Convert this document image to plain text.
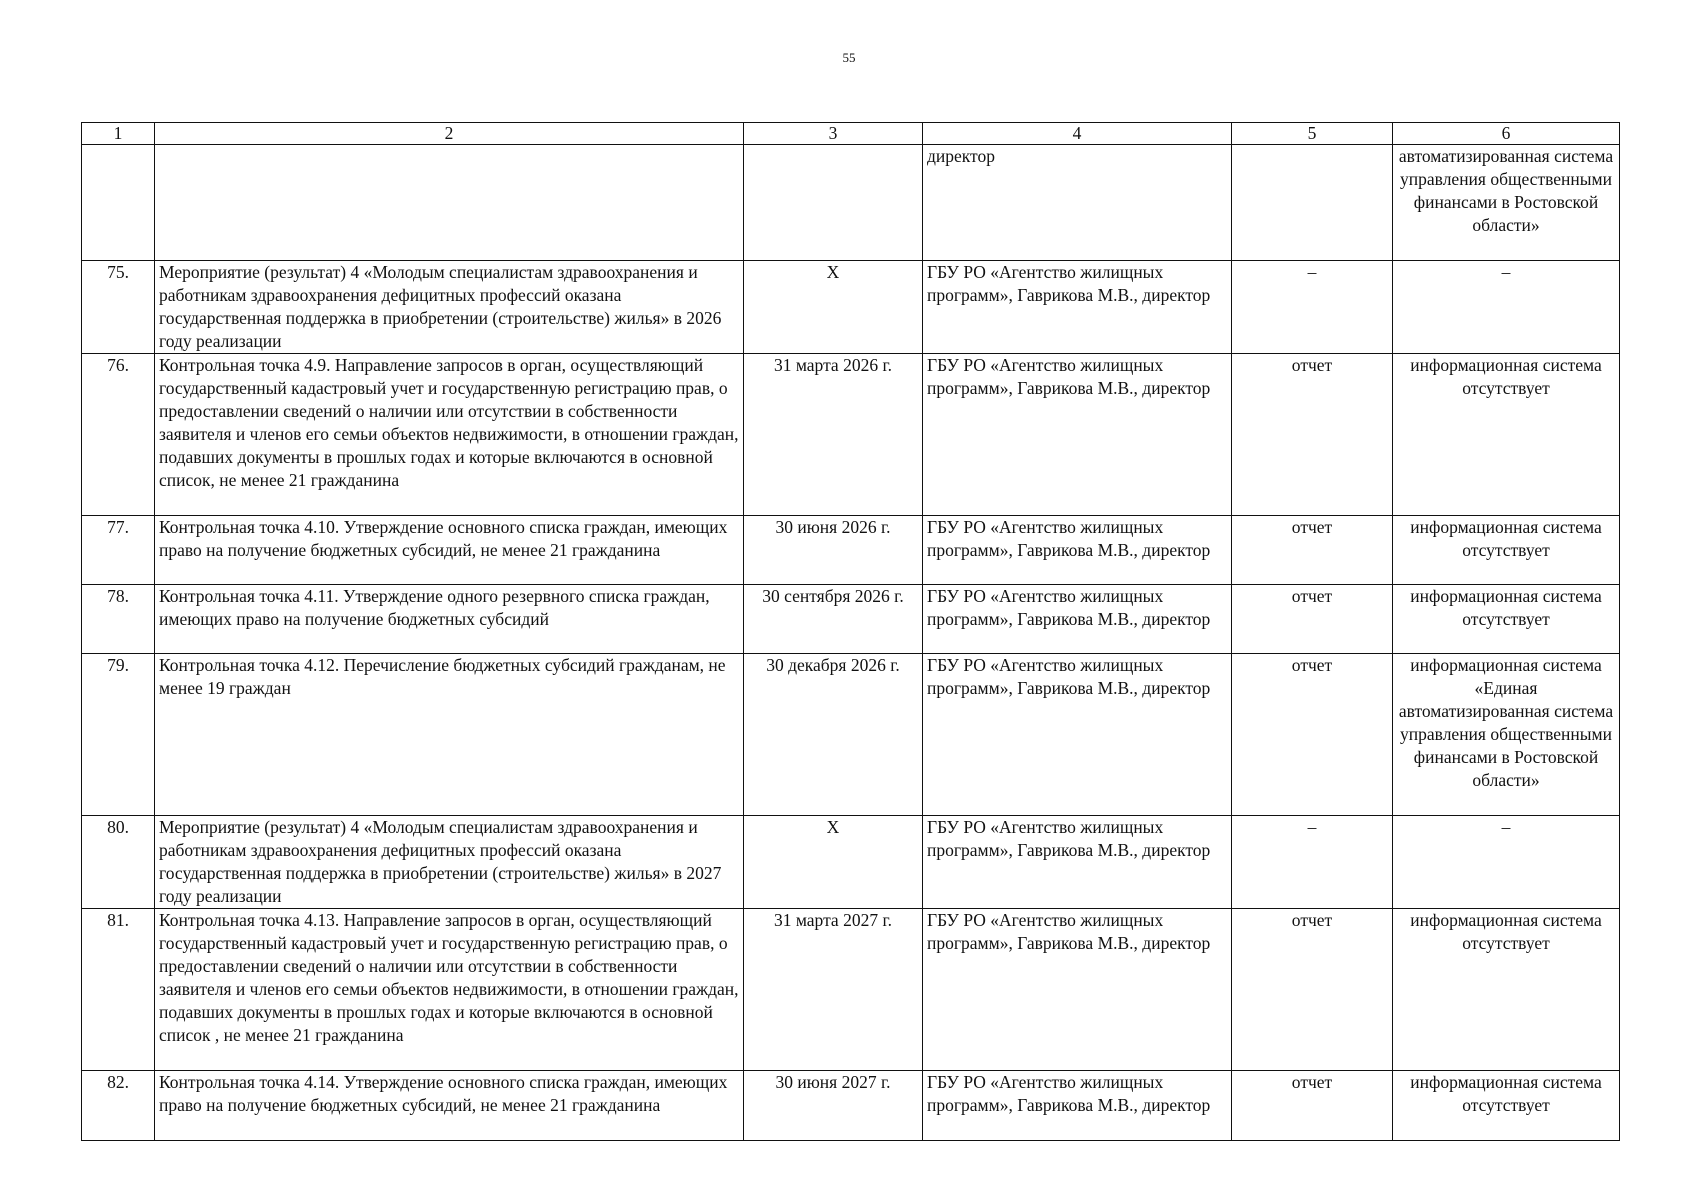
55
1	2	3	4	5	6
			директор		автоматизированная система управления общественными финансами в Ростовской области»
75.	Мероприятие (результат) 4 «Молодым специалистам здравоохранения и работникам здравоохранения дефицитных профессий оказана государственная поддержка в приобретении (строительстве) жилья» в 2026 году реализации	Х	ГБУ РО «Агентство жилищных программ», Гаврикова М.В., директор	–	–
76.	Контрольная точка 4.9. Направление запросов в орган, осуществляющий государственный кадастровый учет и государственную регистрацию прав, о предоставлении сведений о наличии или отсутствии в собственности заявителя и членов его семьи объектов недвижимости, в отношении граждан, подавших документы в прошлых годах и которые включаются в основной список, не менее 21 гражданина	31 марта 2026 г.	ГБУ РО «Агентство жилищных программ», Гаврикова М.В., директор	отчет	информационная система отсутствует
77.	Контрольная точка 4.10. Утверждение основного списка граждан, имеющих право на получение бюджетных субсидий, не менее 21 гражданина	30 июня 2026 г.	ГБУ РО «Агентство жилищных программ», Гаврикова М.В., директор	отчет	информационная система отсутствует
78.	Контрольная точка 4.11. Утверждение одного резервного списка граждан, имеющих право на получение бюджетных субсидий	30 сентября 2026 г.	ГБУ РО «Агентство жилищных программ», Гаврикова М.В., директор	отчет	информационная система отсутствует
79.	Контрольная точка 4.12. Перечисление бюджетных субсидий гражданам, не менее 19 граждан	30 декабря 2026 г.	ГБУ РО «Агентство жилищных программ», Гаврикова М.В., директор	отчет	информационная система «Единая автоматизированная система управления общественными финансами в Ростовской области»
80.	Мероприятие (результат) 4 «Молодым специалистам здравоохранения и работникам здравоохранения дефицитных профессий оказана государственная поддержка в приобретении (строительстве) жилья» в 2027 году реализации	Х	ГБУ РО «Агентство жилищных программ», Гаврикова М.В., директор	–	–
81.	Контрольная точка 4.13. Направление запросов в орган, осуществляющий государственный кадастровый учет и государственную регистрацию прав, о предоставлении сведений о наличии или отсутствии в собственности заявителя и членов его семьи объектов недвижимости, в отношении граждан, подавших документы в прошлых годах и которые включаются в основной список , не менее 21 гражданина	31 марта 2027 г.	ГБУ РО «Агентство жилищных программ», Гаврикова М.В., директор	отчет	информационная система отсутствует
82.	Контрольная точка 4.14. Утверждение основного списка граждан, имеющих право на получение бюджетных субсидий, не менее 21 гражданина	30 июня 2027 г.	ГБУ РО «Агентство жилищных программ», Гаврикова М.В., директор	отчет	информационная система отсутствует
